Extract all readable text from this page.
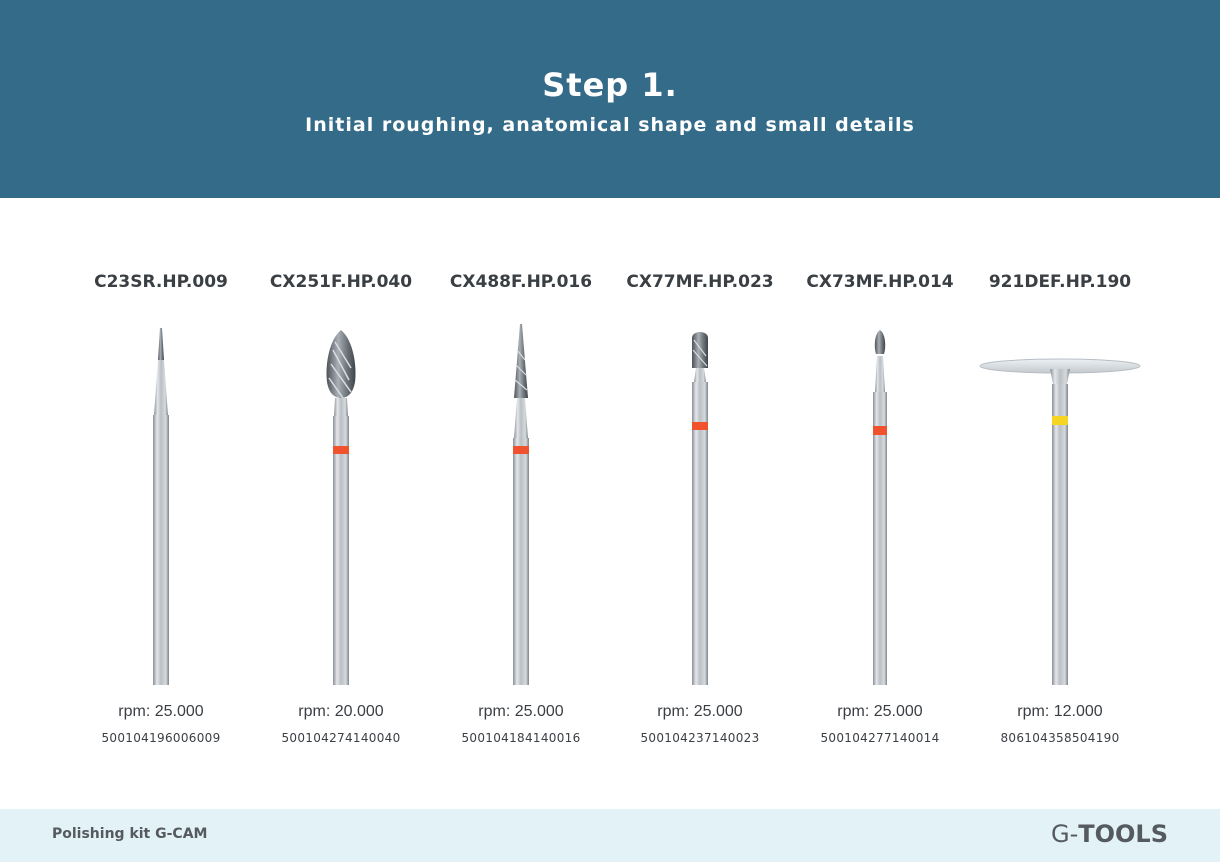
Step 1.
Initial roughing, anatomical shape and small details
C23SR.HP.009
rpm: 25.000
500104196006009
CX251F.HP.040
rpm: 20.000
500104274140040
CX488F.HP.016
rpm: 25.000
500104184140016
CX77MF.HP.023
rpm: 25.000
500104237140023
CX73MF.HP.014
rpm: 25.000
500104277140014
921DEF.HP.190
rpm: 12.000
806104358504190
Polishing kit G-CAM	G-TOOLS
